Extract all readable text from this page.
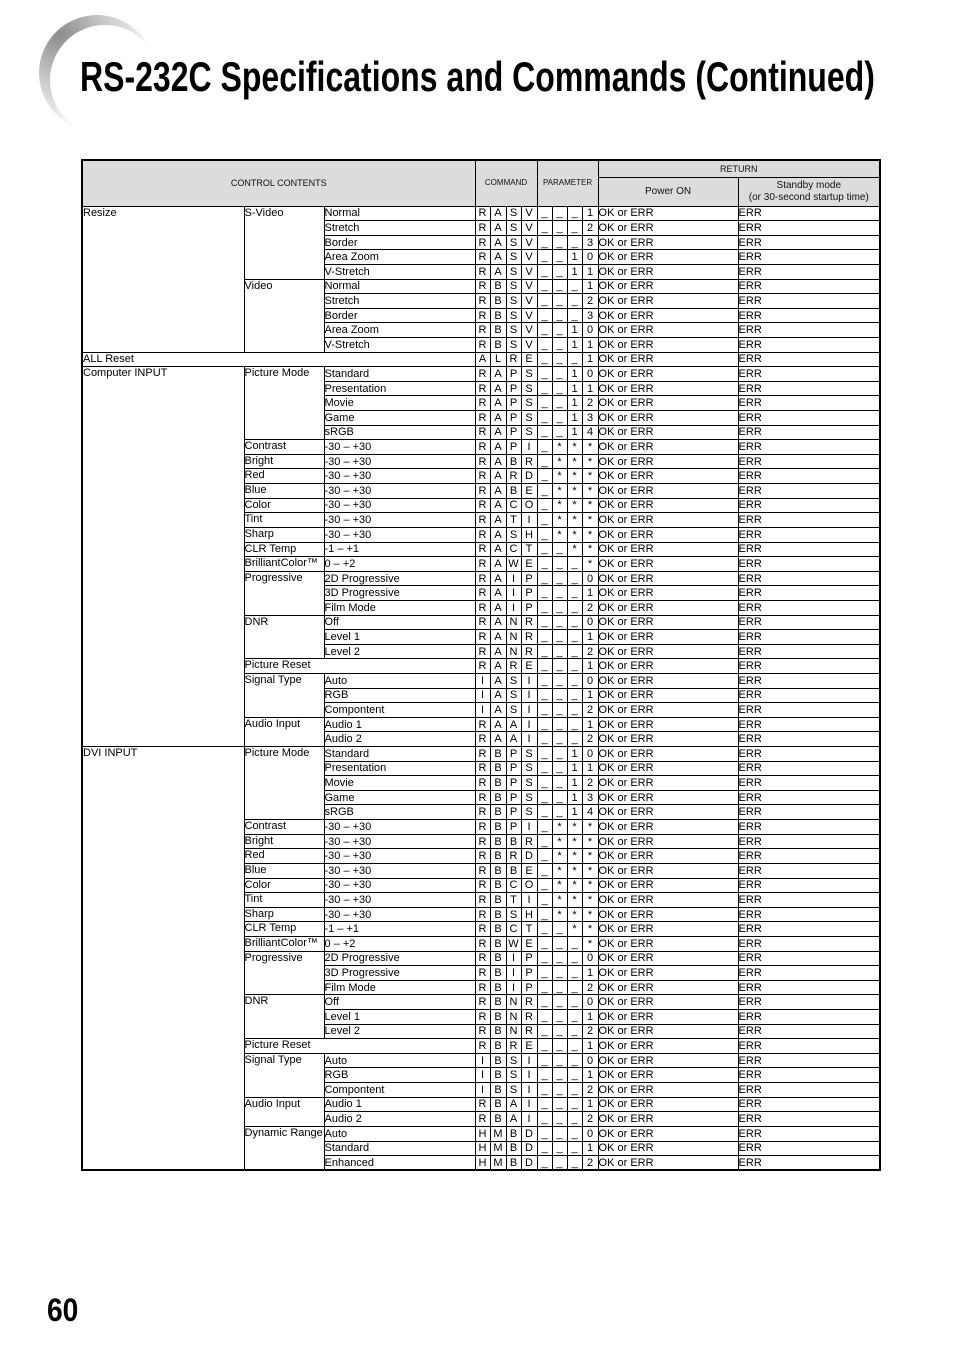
RS-232C Specifications and Commands (Continued)
CONTROL CONTENTS			COMMAND				PARAMETER				RETURN	
											Power ON	Standby mode
(or 30-second startup time)

Resize	S-Video	Normal	R	A	S	V	_	_	_	1	OK or ERR	ERR
		Stretch	R	A	S	V	_	_	_	2	OK or ERR	ERR
		Border	R	A	S	V	_	_	_	3	OK or ERR	ERR
		Area Zoom	R	A	S	V	_	_	1	0	OK or ERR	ERR
		V-Stretch	R	A	S	V	_	_	1	1	OK or ERR	ERR
	Video	Normal	R	B	S	V	_	_	_	1	OK or ERR	ERR
		Stretch	R	B	S	V	_	_	_	2	OK or ERR	ERR
		Border	R	B	S	V	_	_	_	3	OK or ERR	ERR
		Area Zoom	R	B	S	V	_	_	1	0	OK or ERR	ERR
		V-Stretch	R	B	S	V	_	_	1	1	OK or ERR	ERR
ALL Reset			A	L	R	E	_	_	_	1	OK or ERR	ERR
Computer INPUT	Picture Mode	Standard	R	A	P	S	_	_	1	0	OK or ERR	ERR
		Presentation	R	A	P	S	_	_	1	1	OK or ERR	ERR
		Movie	R	A	P	S	_	_	1	2	OK or ERR	ERR
		Game	R	A	P	S	_	_	1	3	OK or ERR	ERR
		sRGB	R	A	P	S	_	_	1	4	OK or ERR	ERR
	Contrast	-30 – +30	R	A	P	I	_	*	*	*	OK or ERR	ERR
	Bright	-30 – +30	R	A	B	R	_	*	*	*	OK or ERR	ERR
	Red	-30 – +30	R	A	R	D	_	*	*	*	OK or ERR	ERR
	Blue	-30 – +30	R	A	B	E	_	*	*	*	OK or ERR	ERR
	Color	-30 – +30	R	A	C	O	_	*	*	*	OK or ERR	ERR
	Tint	-30 – +30	R	A	T	I	_	*	*	*	OK or ERR	ERR
	Sharp	-30 – +30	R	A	S	H	_	*	*	*	OK or ERR	ERR
	CLR Temp	-1 – +1	R	A	C	T	_	_	*	*	OK or ERR	ERR
	BrilliantColor™	0 – +2	R	A	W	E	_	_	_	*	OK or ERR	ERR
	Progressive	2D Progressive	R	A	I	P	_	_	_	0	OK or ERR	ERR
		3D Progressive	R	A	I	P	_	_	_	1	OK or ERR	ERR
		Film Mode	R	A	I	P	_	_	_	2	OK or ERR	ERR
	DNR	Off	R	A	N	R	_	_	_	0	OK or ERR	ERR
		Level 1	R	A	N	R	_	_	_	1	OK or ERR	ERR
		Level 2	R	A	N	R	_	_	_	2	OK or ERR	ERR
	Picture Reset		R	A	R	E	_	_	_	1	OK or ERR	ERR
	Signal Type	Auto	I	A	S	I	_	_	_	0	OK or ERR	ERR
		RGB	I	A	S	I	_	_	_	1	OK or ERR	ERR
		Compontent	I	A	S	I	_	_	_	2	OK or ERR	ERR
	Audio Input	Audio 1	R	A	A	I	_	_	_	1	OK or ERR	ERR
		Audio 2	R	A	A	I	_	_	_	2	OK or ERR	ERR
DVI INPUT	Picture Mode	Standard	R	B	P	S	_	_	1	0	OK or ERR	ERR
		Presentation	R	B	P	S	_	_	1	1	OK or ERR	ERR
		Movie	R	B	P	S	_	_	1	2	OK or ERR	ERR
		Game	R	B	P	S	_	_	1	3	OK or ERR	ERR
		sRGB	R	B	P	S	_	_	1	4	OK or ERR	ERR
	Contrast	-30 – +30	R	B	P	I	_	*	*	*	OK or ERR	ERR
	Bright	-30 – +30	R	B	B	R	_	*	*	*	OK or ERR	ERR
	Red	-30 – +30	R	B	R	D	_	*	*	*	OK or ERR	ERR
	Blue	-30 – +30	R	B	B	E	_	*	*	*	OK or ERR	ERR
	Color	-30 – +30	R	B	C	O	_	*	*	*	OK or ERR	ERR
	Tint	-30 – +30	R	B	T	I	_	*	*	*	OK or ERR	ERR
	Sharp	-30 – +30	R	B	S	H	_	*	*	*	OK or ERR	ERR
	CLR Temp	-1 – +1	R	B	C	T	_	_	*	*	OK or ERR	ERR
	BrilliantColor™	0 – +2	R	B	W	E	_	_	_	*	OK or ERR	ERR
	Progressive	2D Progressive	R	B	I	P	_	_	_	0	OK or ERR	ERR
		3D Progressive	R	B	I	P	_	_	_	1	OK or ERR	ERR
		Film Mode	R	B	I	P	_	_	_	2	OK or ERR	ERR
	DNR	Off	R	B	N	R	_	_	_	0	OK or ERR	ERR
		Level 1	R	B	N	R	_	_	_	1	OK or ERR	ERR
		Level 2	R	B	N	R	_	_	_	2	OK or ERR	ERR
	Picture Reset		R	B	R	E	_	_	_	1	OK or ERR	ERR
	Signal Type	Auto	I	B	S	I	_	_	_	0	OK or ERR	ERR
		RGB	I	B	S	I	_	_	_	1	OK or ERR	ERR
		Compontent	I	B	S	I	_	_	_	2	OK or ERR	ERR
	Audio Input	Audio 1	R	B	A	I	_	_	_	1	OK or ERR	ERR
		Audio 2	R	B	A	I	_	_	_	2	OK or ERR	ERR
	Dynamic Range	Auto	H	M	B	D	_	_	_	0	OK or ERR	ERR
		Standard	H	M	B	D	_	_	_	1	OK or ERR	ERR
		Enhanced	H	M	B	D	_	_	_	2	OK or ERR	ERR
60
